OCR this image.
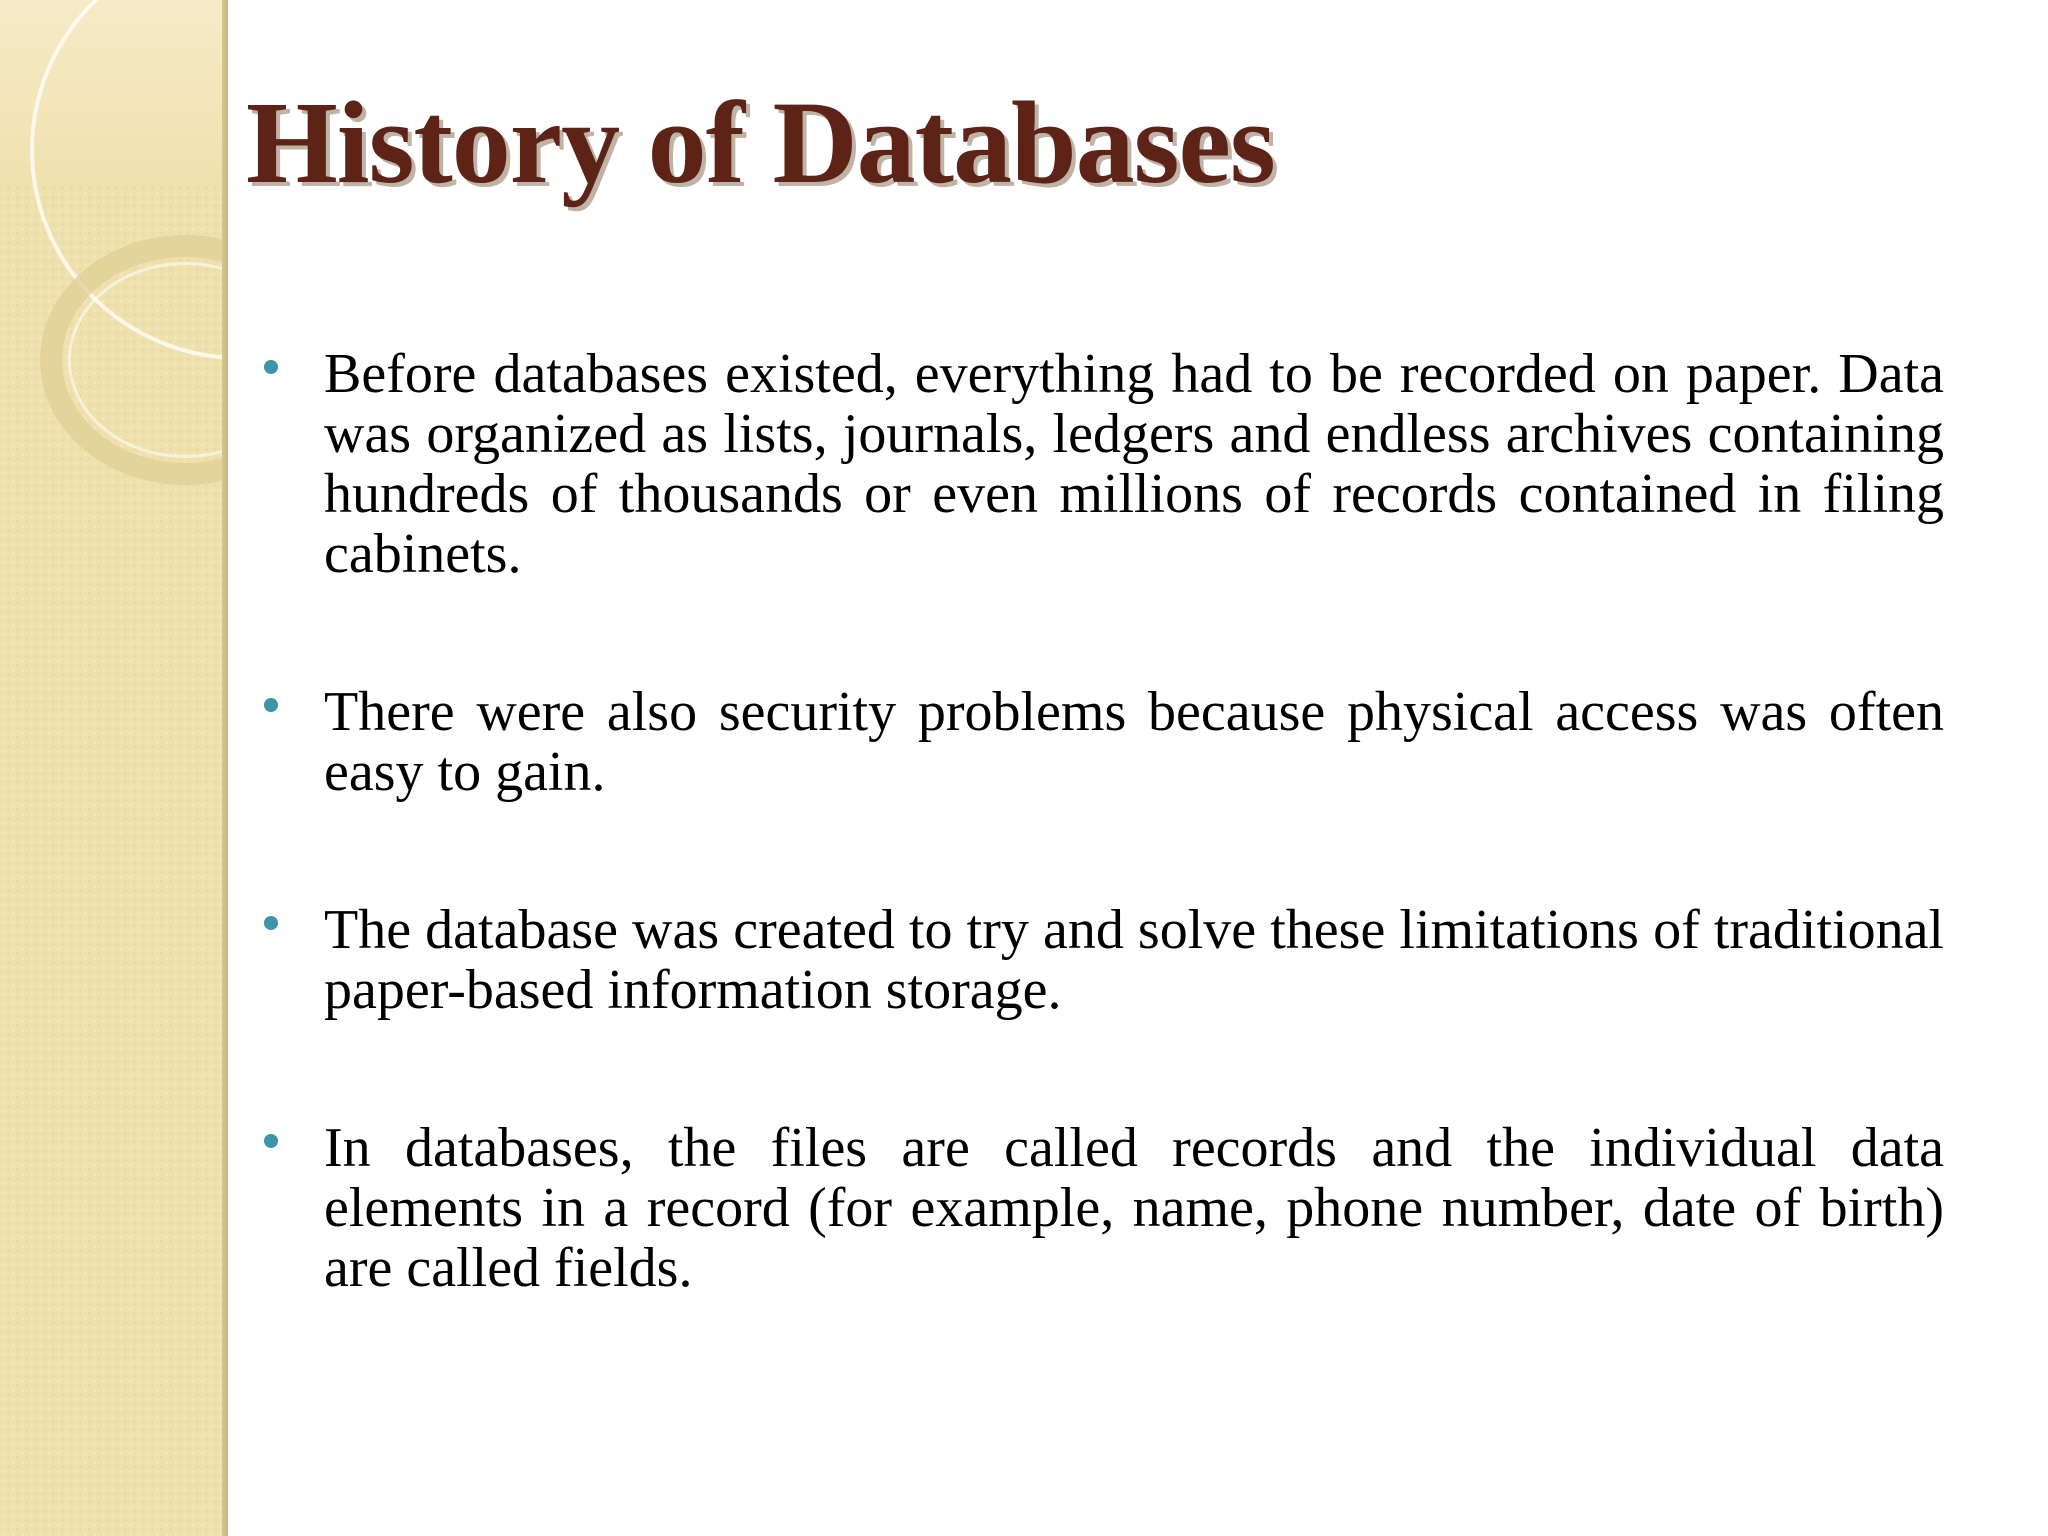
History of Databases
Before databases existed, everything had to be recorded on paper. Data was organized as lists, journals, ledgers and endless archives containing hundreds of thousands or even millions of records contained in filing cabinets.
There were also security problems because physical access was often easy to gain.
The database was created to try and solve these limitations of traditional paper-based information storage.
In databases, the files are called records and the individual data elements in a record (for example, name, phone number, date of birth) are called fields.
